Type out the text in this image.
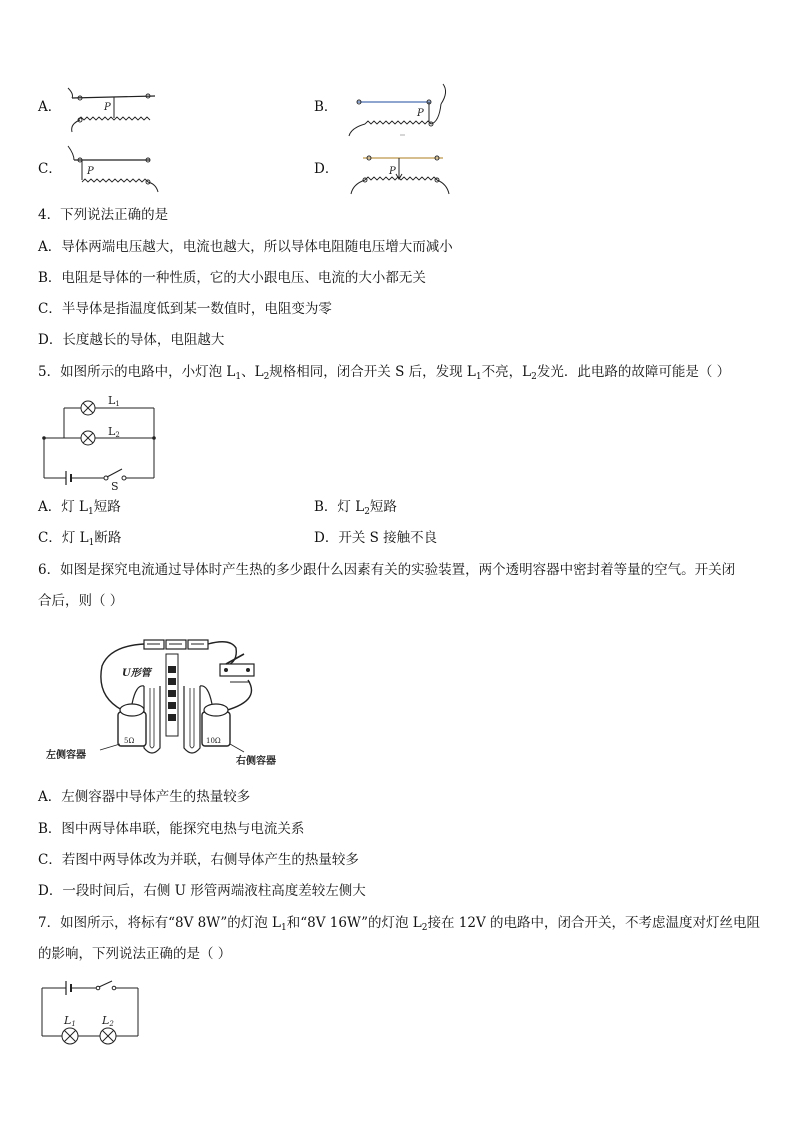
A．	P	B．	P
C．	P	D．	P
4．下列说法正确的是
A．导体两端电压越大，电流也越大，所以导体电阻随电压增大而减小
B．电阻是导体的一种性质，它的大小跟电压、电流的大小都无关
C．半导体是指温度低到某一数值时，电阻变为零
D．长度越长的导体，电阻越大
5．如图所示的电路中，小灯泡 $L_1$、$L_2$规格相同，闭合开关 S 后，发现 $L_1$不亮，$L_2$发光．此电路的故障可能是（ ）
L1
L2
S
A．灯 $L_1$短路	B．灯 $L_2$短路
C．灯 $L_1$断路	D．开关 S 接触不良
6．如图是探究电流通过导体时产生热的多少跟什么因素有关的实验装置，两个透明容器中密封着等量的空气。开关闭
合后，则（ ）
U形管
5Ω	10Ω
左侧容器
右侧容器
A．左侧容器中导体产生的热量较多
B．图中两导体串联，能探究电热与电流关系
C．若图中两导体改为并联，右侧导体产生的热量较多
D．一段时间后，右侧 U 形管两端液柱高度差较左侧大
7．如图所示，将标有“8V 8W”的灯泡 $L_1$和“8V 16W”的灯泡 $L_2$接在 12V 的电路中，闭合开关，不考虑温度对灯丝电阻
的影响，下列说法正确的是（ ）
L1 L2
